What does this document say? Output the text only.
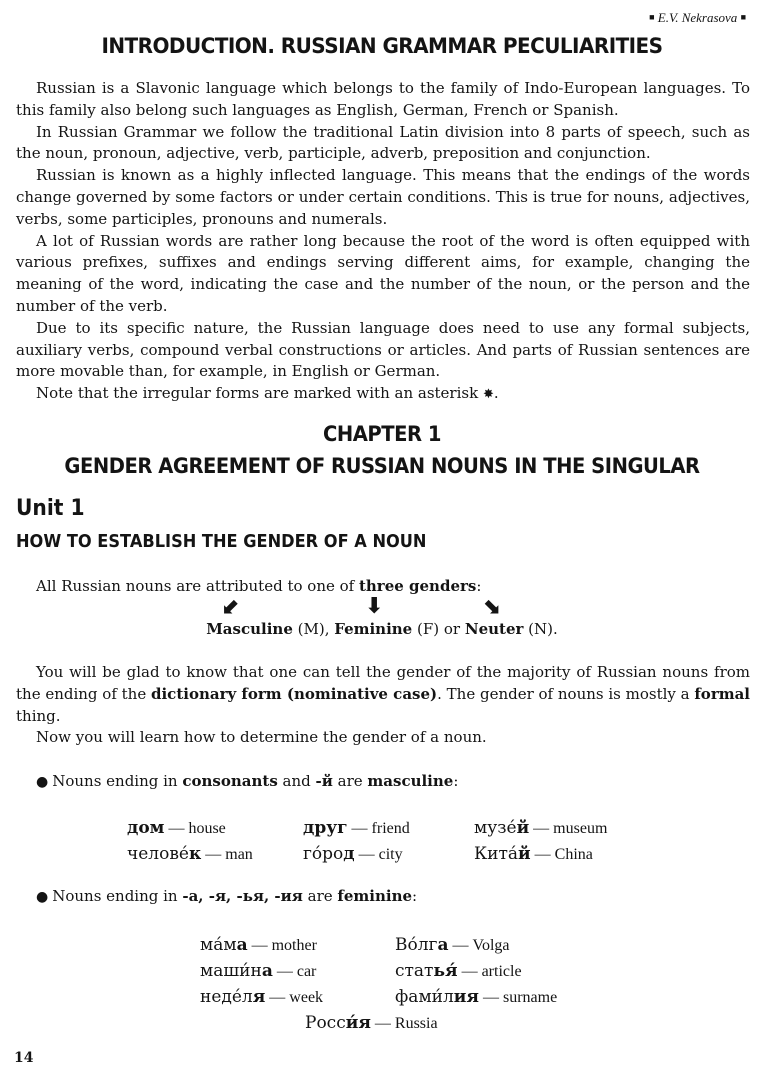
■ E.V. Nekrasova ■
INTRODUCTION. RUSSIAN GRAMMAR PECULIARITIES

Russian is a Slavonic language which belongs to the family of Indo-European languages. To this family also belong such languages as English, German, French or Spanish.

In Russian Grammar we follow the traditional Latin division into 8 parts of speech, such as the noun, pronoun, adjective, verb, participle, adverb, preposition and conjunction.

Russian is known as a highly inflected language. This means that the endings of the words change governed by some factors or under certain conditions. This is true for nouns, adjectives, verbs, some participles, pronouns and numerals.

A lot of Russian words are rather long because the root of the word is often equipped with various prefixes, suffixes and endings serving different aims, for example, changing the meaning of the word, indicating the case and the number of the noun, or the person and the number of the verb.

Due to its specific nature, the Russian language does need to use any formal subjects, auxiliary verbs, compound verbal constructions or articles. And parts of Russian sentences are more movable than, for example, in English or German.

Note that the irregular forms are marked with an asterisk ✸.

CHAPTER 1
GENDER AGREEMENT OF RUSSIAN NOUNS IN THE SINGULAR
Unit 1
HOW TO ESTABLISH THE GENDER OF A NOUN
All Russian nouns are attributed to one of three genders:
⬋	⬇	⬊
Masculine (M), Feminine (F) or Neuter (N).

You will be glad to know that one can tell the gender of the majority of Russian nouns from the ending of the dictionary form (nominative case). The gender of nouns is mostly a formal thing.

Now you will learn how to determine the gender of a noun.

● Nouns ending in consonants and -й are masculine:
дом — house	друг — friend	музе́й — museum
челове́к — man	го́род — city	Кита́й — China
● Nouns ending in -а, -я, -ья, -ия are feminine:
ма́ма — mother	Во́лга — Volga
маши́на — car	статья́ — article
неде́ля — week	фами́лия — surname
Росси́я — Russia
14
